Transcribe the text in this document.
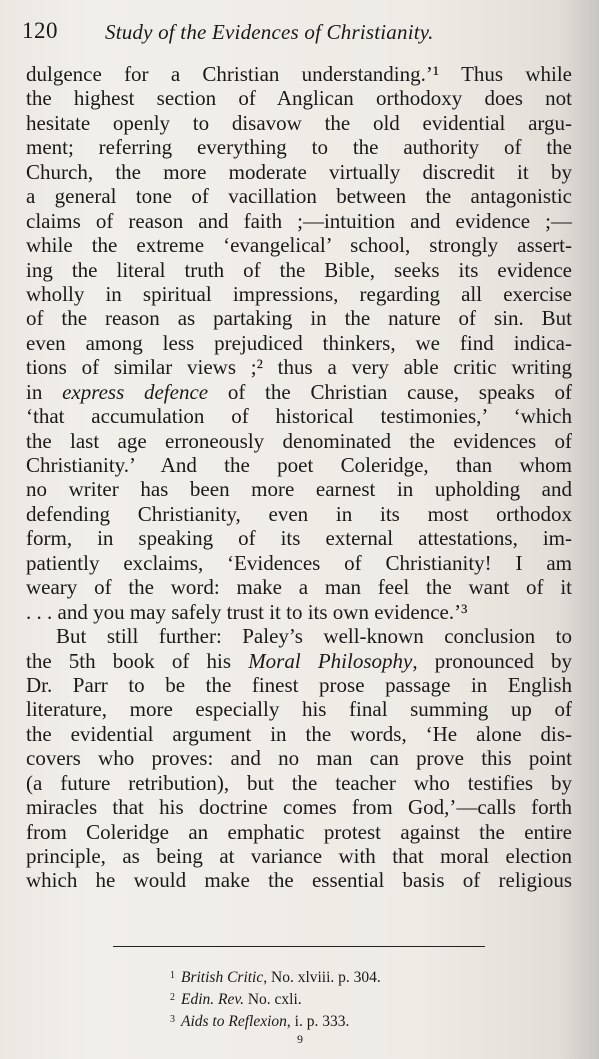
120 Study of the Evidences of Christianity.
dulgence for a Christian understanding.’¹ Thus while
the highest section of Anglican orthodoxy does not
hesitate openly to disavow the old evidential argu-
ment; referring everything to the authority of the
Church, the more moderate virtually discredit it by
a general tone of vacillation between the antagonistic
claims of reason and faith ;—intuition and evidence ;—
while the extreme ‘evangelical’ school, strongly assert-
ing the literal truth of the Bible, seeks its evidence
wholly in spiritual impressions, regarding all exercise
of the reason as partaking in the nature of sin. But
even among less prejudiced thinkers, we find indica-
tions of similar views ;² thus a very able critic writing
in express defence of the Christian cause, speaks of
‘that accumulation of historical testimonies,’ ‘which
the last age erroneously denominated the evidences of
Christianity.’ And the poet Coleridge, than whom
no writer has been more earnest in upholding and
defending Christianity, even in its most orthodox
form, in speaking of its external attestations, im-
patiently exclaims, ‘Evidences of Christianity! I am
weary of the word: make a man feel the want of it
. . . and you may safely trust it to its own evidence.’³
But still further: Paley’s well-known conclusion to
the 5th book of his Moral Philosophy, pronounced by
Dr. Parr to be the finest prose passage in English
literature, more especially his final summing up of
the evidential argument in the words, ‘He alone dis-
covers who proves: and no man can prove this point
(a future retribution), but the teacher who testifies by
miracles that his doctrine comes from God,’—calls forth
from Coleridge an emphatic protest against the entire
principle, as being at variance with that moral election
which he would make the essential basis of religious
$^1$ British Critic, No. xlviii. p. 304.
$^2$ Edin. Rev. No. cxli.
$^3$ Aids to Reflexion, i. p. 333.
9
